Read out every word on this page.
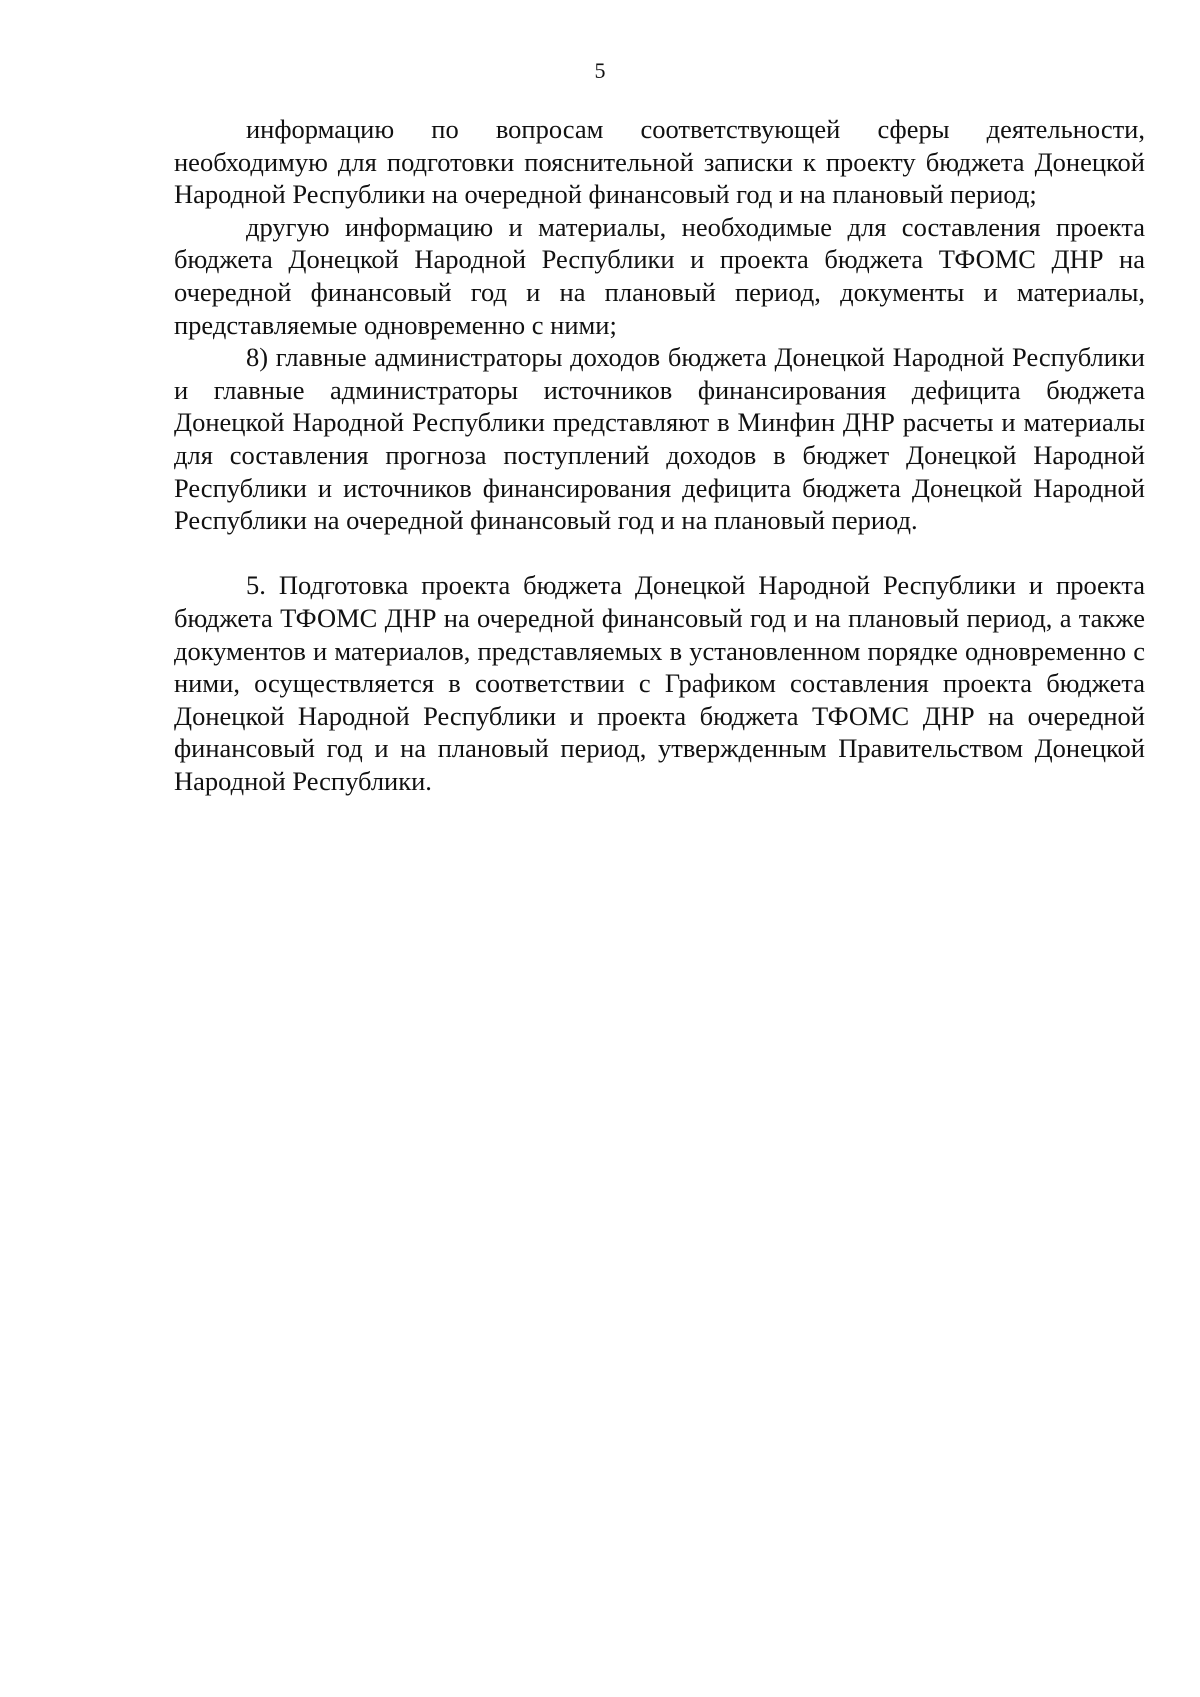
5

информацию по вопросам соответствующей сферы деятельности, необходимую для подготовки пояснительной записки к проекту бюджета Донецкой Народной Республики на очередной финансовый год и на плановый период;

другую информацию и материалы, необходимые для составления проекта бюджета Донецкой Народной Республики и проекта бюджета ТФОМС ДНР на очередной финансовый год и на плановый период, документы и материалы, представляемые одновременно с ними;

8) главные администраторы доходов бюджета Донецкой Народной Республики и главные администраторы источников финансирования дефицита бюджета Донецкой Народной Республики представляют в Минфин ДНР расчеты и материалы для составления прогноза поступлений доходов в бюджет Донецкой Народной Республики и источников финансирования дефицита бюджета Донецкой Народной Республики на очередной финансовый год и на плановый период.

5. Подготовка проекта бюджета Донецкой Народной Республики и проекта бюджета ТФОМС ДНР на очередной финансовый год и на плановый период, а также документов и материалов, представляемых в установленном порядке одновременно с ними, осуществляется в соответствии с Графиком составления проекта бюджета Донецкой Народной Республики и проекта бюджета ТФОМС ДНР на очередной финансовый год и на плановый период, утвержденным Правительством Донецкой Народной Республики.
